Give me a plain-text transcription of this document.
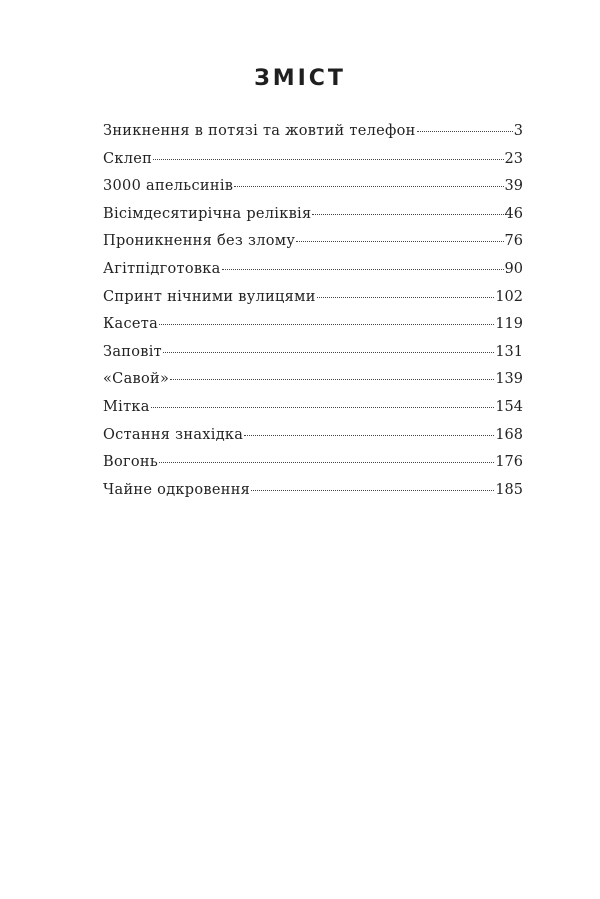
ЗМІСТ
Зникнення в потязі та жовтий телефон	3
Склеп	23
3000 апельсинів	39
Вісімдесятирічна реліквія	46
Проникнення без злому	76
Агітпідготовка	90
Спринт нічними вулицями	102
Касета	119
Заповіт	131
«Савой»	139
Мітка	154
Остання знахідка	168
Вогонь	176
Чайне одкровення	185
